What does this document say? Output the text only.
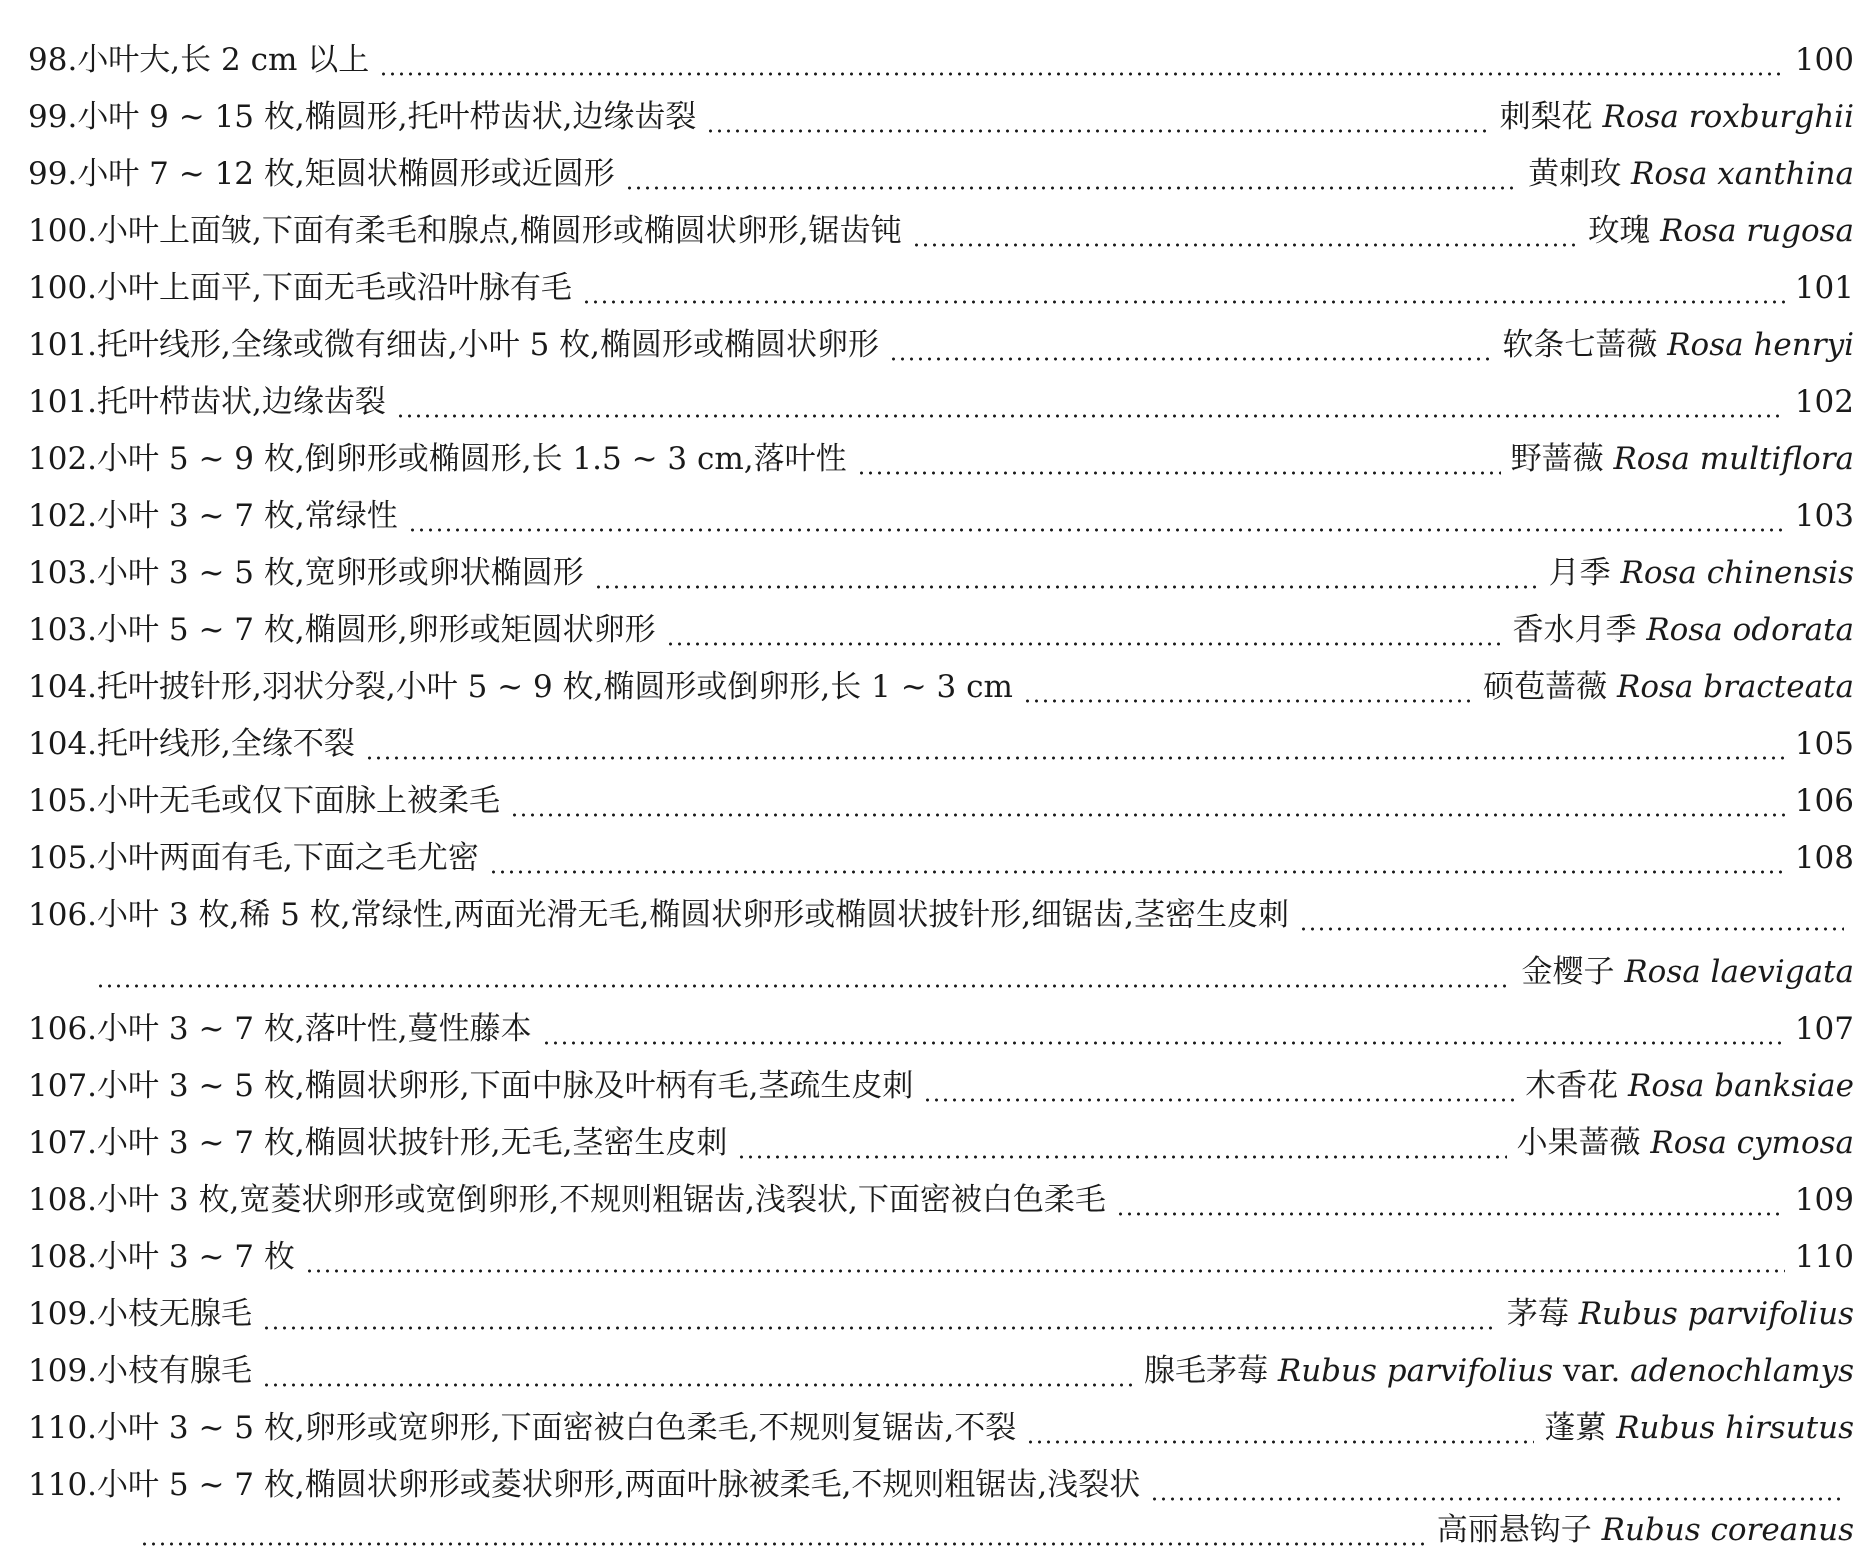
98. 小叶大,长 2 cm 以上	100
99. 小叶 9 ~ 15 枚,椭圆形,托叶栉齿状,边缘齿裂	刺梨花 Rosa roxburghii
99. 小叶 7 ~ 12 枚,矩圆状椭圆形或近圆形	黄刺玫 Rosa xanthina
100. 小叶上面皱,下面有柔毛和腺点,椭圆形或椭圆状卵形,锯齿钝	玫瑰 Rosa rugosa
100. 小叶上面平,下面无毛或沿叶脉有毛	101
101. 托叶线形,全缘或微有细齿,小叶 5 枚,椭圆形或椭圆状卵形	软条七蔷薇 Rosa henryi
101. 托叶栉齿状,边缘齿裂	102
102. 小叶 5 ~ 9 枚,倒卵形或椭圆形,长 1.5 ~ 3 cm,落叶性	野蔷薇 Rosa multiflora
102. 小叶 3 ~ 7 枚,常绿性	103
103. 小叶 3 ~ 5 枚,宽卵形或卵状椭圆形	月季 Rosa chinensis
103. 小叶 5 ~ 7 枚,椭圆形,卵形或矩圆状卵形	香水月季 Rosa odorata
104. 托叶披针形,羽状分裂,小叶 5 ~ 9 枚,椭圆形或倒卵形,长 1 ~ 3 cm	硕苞蔷薇 Rosa bracteata
104. 托叶线形,全缘不裂	105
105. 小叶无毛或仅下面脉上被柔毛	106
105. 小叶两面有毛,下面之毛尤密	108
106. 小叶 3 枚,稀 5 枚,常绿性,两面光滑无毛,椭圆状卵形或椭圆状披针形,细锯齿,茎密生皮刺
金樱子 Rosa laevigata
106. 小叶 3 ~ 7 枚,落叶性,蔓性藤本	107
107. 小叶 3 ~ 5 枚,椭圆状卵形,下面中脉及叶柄有毛,茎疏生皮刺	木香花 Rosa banksiae
107. 小叶 3 ~ 7 枚,椭圆状披针形,无毛,茎密生皮刺	小果蔷薇 Rosa cymosa
108. 小叶 3 枚,宽菱状卵形或宽倒卵形,不规则粗锯齿,浅裂状,下面密被白色柔毛	109
108. 小叶 3 ~ 7 枚	110
109. 小枝无腺毛	茅莓 Rubus parvifolius
109. 小枝有腺毛	腺毛茅莓 Rubus parvifolius var. adenochlamys
110. 小叶 3 ~ 5 枚,卵形或宽卵形,下面密被白色柔毛,不规则复锯齿,不裂	蓬蔂 Rubus hirsutus
110. 小叶 5 ~ 7 枚,椭圆状卵形或菱状卵形,两面叶脉被柔毛,不规则粗锯齿,浅裂状
高丽悬钩子 Rubus coreanus
